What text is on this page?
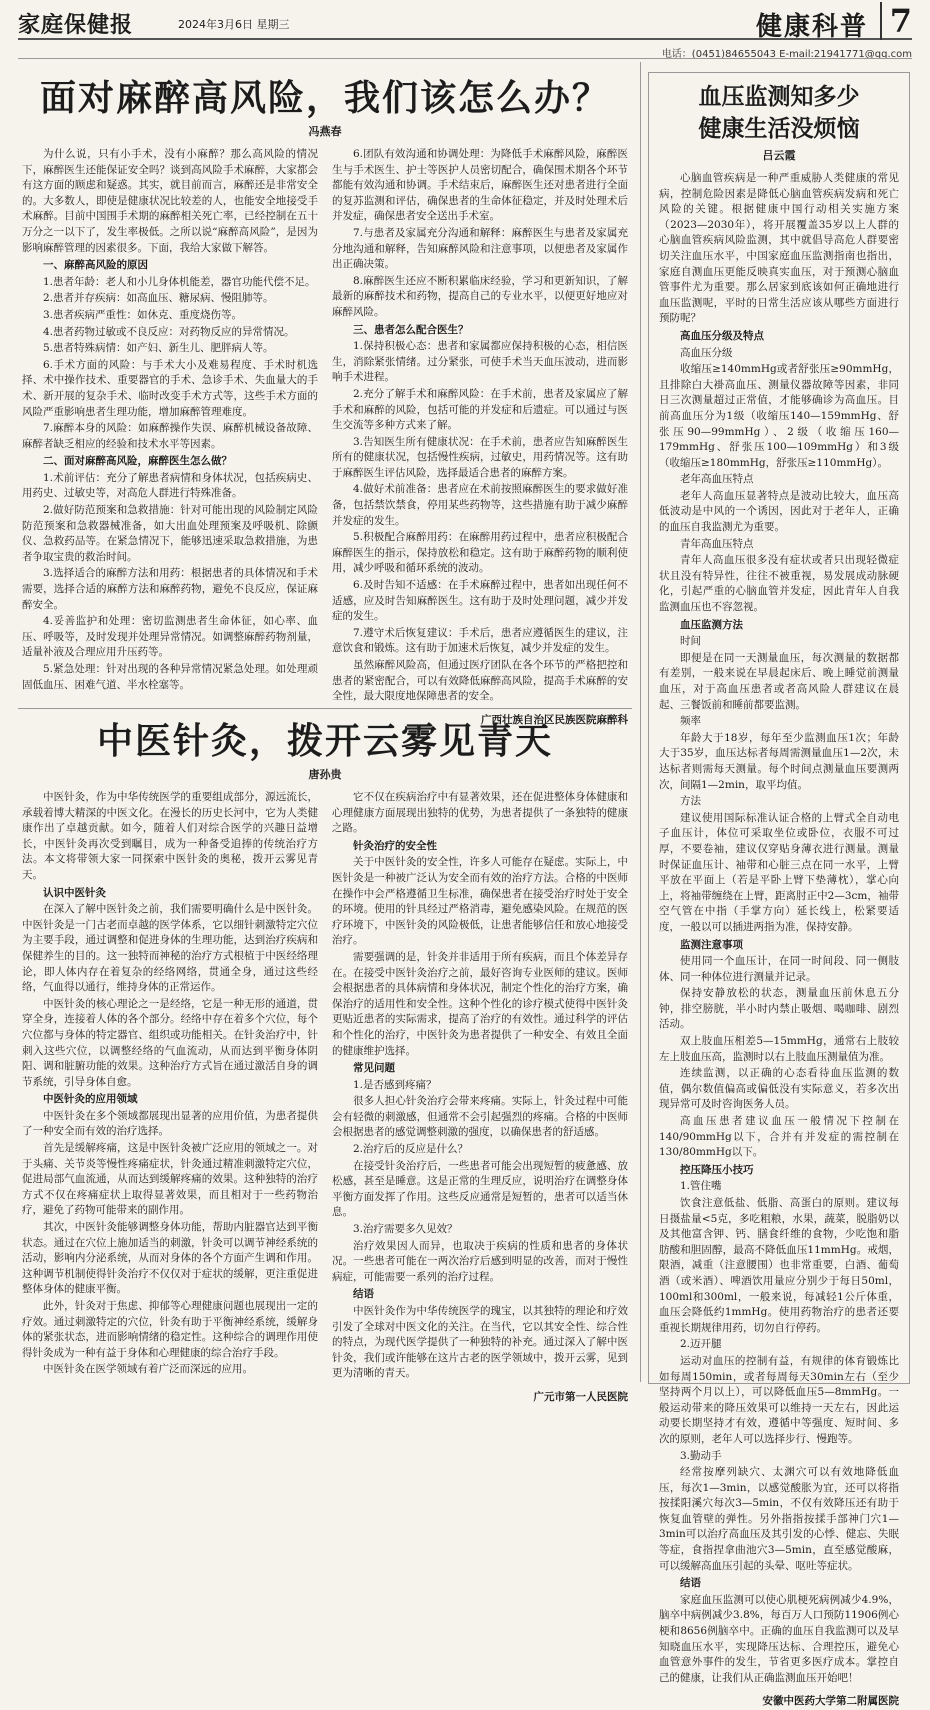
家庭保健报	2024年3月6日 星期三	健康科普 7
电话：(0451)84655043 E-mail:21941771@qq.com
面对麻醉高风险，我们该怎么办？
冯燕春

为什么说，只有小手术，没有小麻醉？那么高风险的情况下，麻醉医生还能保证安全吗？谈到高风险手术麻醉，大家都会有这方面的顾虑和疑惑。其实，就目前而言，麻醉还是非常安全的。大多数人，即使是健康状况比较差的人，也能安全地接受手术麻醉。目前中国围手术期的麻醉相关死亡率，已经控制在五十万分之一以下了，发生率极低。之所以说“麻醉高风险”，是因为影响麻醉管理的因素很多。下面，我给大家做下解答。

一、麻醉高风险的原因

1.患者年龄：老人和小儿身体机能差，器官功能代偿不足。

2.患者并存疾病：如高血压、糖尿病、慢阻肺等。

3.患者疾病严重性：如休克、重度烧伤等。

4.患者药物过敏或不良反应：对药物反应的异常情况。

5.患者特殊病情：如产妇、新生儿、肥胖病人等。

6.手术方面的风险：与手术大小及难易程度、手术时机选择、术中操作技术、重要器官的手术、急诊手术、失血量大的手术、新开展的复杂手术、临时改变手术方式等，这些手术方面的风险严重影响患者生理功能，增加麻醉管理难度。

7.麻醉本身的风险：如麻醉操作失误、麻醉机械设备故障、麻醉者缺乏相应的经验和技术水平等因素。

二、面对麻醉高风险，麻醉医生怎么做？

1.术前评估：充分了解患者病情和身体状况，包括疾病史、用药史、过敏史等，对高危人群进行特殊准备。

2.做好防范预案和急救措施：针对可能出现的风险制定风险防范预案和急救器械准备，如大出血处理预案及呼吸机、除颤仪、急救药品等。在紧急情况下，能够迅速采取急救措施，为患者争取宝贵的救治时间。

3.选择适合的麻醉方法和用药：根据患者的具体情况和手术需要，选择合适的麻醉方法和麻醉药物，避免不良反应，保证麻醉安全。

4.妥善监护和处理：密切监测患者生命体征，如心率、血压、呼吸等，及时发现并处理异常情况。如调整麻醉药物剂量，适量补液及合理应用升压药等。

5.紧急处理：针对出现的各种异常情况紧急处理。如处理顽固低血压、困难气道、半水栓塞等。

6.团队有效沟通和协调处理：为降低手术麻醉风险，麻醉医生与手术医生、护士等医护人员密切配合，确保围术期各个环节都能有效沟通和协调。手术结束后，麻醉医生还对患者进行全面的复苏监测和评估，确保患者的生命体征稳定，并及时处理术后并发症，确保患者安全送出手术室。

7.与患者及家属充分沟通和解释：麻醉医生与患者及家属充分地沟通和解释，告知麻醉风险和注意事项，以便患者及家属作出正确决策。

8.麻醉医生还应不断积累临床经验，学习和更新知识，了解最新的麻醉技术和药物，提高自己的专业水平，以便更好地应对麻醉风险。

三、患者怎么配合医生？

1.保持积极心态：患者和家属都应保持积极的心态，相信医生，消除紧张情绪。过分紧张，可使手术当天血压波动，进而影响手术进程。

2.充分了解手术和麻醉风险：在手术前，患者及家属应了解手术和麻醉的风险，包括可能的并发症和后遗症。可以通过与医生交流等多种方式来了解。

3.告知医生所有健康状况：在手术前，患者应告知麻醉医生所有的健康状况，包括慢性疾病，过敏史，用药情况等。这有助于麻醉医生评估风险，选择最适合患者的麻醉方案。

4.做好术前准备：患者应在术前按照麻醉医生的要求做好准备，包括禁饮禁食，停用某些药物等，这些措施有助于减少麻醉并发症的发生。

5.积极配合麻醉用药：在麻醉用药过程中，患者应积极配合麻醉医生的指示，保持放松和稳定。这有助于麻醉药物的顺利使用，减少呼吸和循环系统的波动。

6.及时告知不适感：在手术麻醉过程中，患者如出现任何不适感，应及时告知麻醉医生。这有助于及时处理问题，减少并发症的发生。

7.遵守术后恢复建议：手术后，患者应遵循医生的建议，注意饮食和锻炼。这有助于加速术后恢复，减少并发症的发生。

虽然麻醉风险高，但通过医疗团队在各个环节的严格把控和患者的紧密配合，可以有效降低麻醉高风险，提高手术麻醉的安全性，最大限度地保障患者的安全。

广西壮族自治区民族医院麻醉科

中医针灸，拨开云雾见青天
唐孙贵

中医针灸，作为中华传统医学的重要组成部分，源远流长，承载着博大精深的中医文化。在漫长的历史长河中，它为人类健康作出了卓越贡献。如今，随着人们对综合医学的兴趣日益增长，中医针灸再次受到瞩目，成为一种备受追捧的传统治疗方法。本文将带领大家一同探索中医针灸的奥秘，拨开云雾见青天。

认识中医针灸

在深入了解中医针灸之前，我们需要明确什么是中医针灸。中医针灸是一门古老而卓越的医学体系，它以细针刺激特定穴位为主要手段，通过调整和促进身体的生理功能，达到治疗疾病和保健养生的目的。这一独特而神秘的治疗方式根植于中医经络理论，即人体内存在着复杂的经络网络，贯通全身，通过这些经络，气血得以通行，维持身体的正常运作。

中医针灸的核心理论之一是经络，它是一种无形的通道，贯穿全身，连接着人体的各个部分。经络中存在着多个穴位，每个穴位都与身体的特定器官、组织或功能相关。在针灸治疗中，针刺入这些穴位，以调整经络的气血流动，从而达到平衡身体阴阳、调和脏腑功能的效果。这种治疗方式旨在通过激活自身的调节系统，引导身体自愈。

中医针灸的应用领域

中医针灸在多个领域都展现出显著的应用价值，为患者提供了一种安全而有效的治疗选择。

首先是缓解疼痛，这是中医针灸被广泛应用的领域之一。对于头痛、关节炎等慢性疼痛症状，针灸通过精准刺激特定穴位，促进局部气血流通，从而达到缓解疼痛的效果。这种独特的治疗方式不仅在疼痛症状上取得显著效果，而且相对于一些药物治疗，避免了药物可能带来的副作用。

其次，中医针灸能够调整身体功能，帮助内脏器官达到平衡状态。通过在穴位上施加适当的刺激，针灸可以调节神经系统的活动，影响内分泌系统，从而对身体的各个方面产生调和作用。这种调节机制使得针灸治疗不仅仅对于症状的缓解，更注重促进整体身体的健康平衡。

此外，针灸对于焦虑、抑郁等心理健康问题也展现出一定的疗效。通过刺激特定的穴位，针灸有助于平衡神经系统，缓解身体的紧张状态，进而影响情绪的稳定性。这种综合的调理作用使得针灸成为一种有益于身体和心理健康的综合治疗手段。

中医针灸在医学领域有着广泛而深远的应用。

它不仅在疾病治疗中有显著效果，还在促进整体身体健康和心理健康方面展现出独特的优势，为患者提供了一条独特的健康之路。

针灸治疗的安全性

关于中医针灸的安全性，许多人可能存在疑虑。实际上，中医针灸是一种被广泛认为安全而有效的治疗方法。合格的中医师在操作中会严格遵循卫生标准，确保患者在接受治疗时处于安全的环境。使用的针具经过严格消毒，避免感染风险。在规范的医疗环境下，中医针灸的风险极低，让患者能够信任和放心地接受治疗。

需要强调的是，针灸并非适用于所有疾病，而且个体差异存在。在接受中医针灸治疗之前，最好咨询专业医师的建议。医师会根据患者的具体病情和身体状况，制定个性化的治疗方案，确保治疗的适用性和安全性。这种个性化的诊疗模式使得中医针灸更贴近患者的实际需求，提高了治疗的有效性。通过科学的评估和个性化的治疗，中医针灸为患者提供了一种安全、有效且全面的健康维护选择。

常见问题

1.是否感到疼痛？

很多人担心针灸治疗会带来疼痛。实际上，针灸过程中可能会有轻微的刺激感，但通常不会引起强烈的疼痛。合格的中医师会根据患者的感觉调整刺激的强度，以确保患者的舒适感。

2.治疗后的反应是什么？

在接受针灸治疗后，一些患者可能会出现短暂的疲惫感、放松感，甚至是睡意。这是正常的生理反应，说明治疗在调整身体平衡方面发挥了作用。这些反应通常是短暂的，患者可以适当休息。

3.治疗需要多久见效？

治疗效果因人而异，也取决于疾病的性质和患者的身体状况。一些患者可能在一两次治疗后感到明显的改善，而对于慢性病症，可能需要一系列的治疗过程。

结语

中医针灸作为中华传统医学的瑰宝，以其独特的理论和疗效引发了全球对中医文化的关注。在当代，它以其安全性、综合性的特点，为现代医学提供了一种独特的补充。通过深入了解中医针灸，我们或许能够在这片古老的医学领域中，拨开云雾，见到更为清晰的青天。

广元市第一人民医院

血压监测知多少
健康生活没烦恼
吕云霞

心脑血管疾病是一种严重威胁人类健康的常见病，控制危险因素是降低心脑血管疾病发病和死亡风险的关键。根据健康中国行动相关实施方案（2023—2030年），将开展覆盖35岁以上人群的心脑血管疾病风险监测，其中就倡导高危人群要密切关注血压水平，中国家庭血压监测指南也指出，家庭自测血压更能反映真实血压，对于预测心脑血管事件尤为重要。那么居家到底该如何正确地进行血压监测呢，平时的日常生活应该从哪些方面进行预防呢？

高血压分级及特点

高血压分级

收缩压≥140mmHg或者舒张压≥90mmHg，且排除白大褂高血压、测量仪器故障等因素，非同日三次测量超过正常值，才能够确诊为高血压。目前高血压分为1级（收缩压140—159mmHg、舒张压90—99mmHg）、2级（收缩压160—179mmHg、舒张压100—109mmHg）和3级（收缩压≥180mmHg，舒张压≥110mmHg）。

老年高血压特点

老年人高血压显著特点是波动比较大，血压高低波动是中风的一个诱因，因此对于老年人，正确的血压自我监测尤为重要。

青年高血压特点

青年人高血压很多没有症状或者只出现轻微症状且没有特异性，往往不被重视，易发展成动脉硬化，引起严重的心脑血管并发症，因此青年人自我监测血压也不容忽视。

血压监测方法

时间

即便是在同一天测量血压，每次测量的数据都有差别，一般来说在早晨起床后、晚上睡觉前测量血压，对于高血压患者或者高风险人群建议在晨起、三餐饭前和睡前都要监测。

频率

年龄大于18岁，每年至少监测血压1次；年龄大于35岁，血压达标者每周需测量血压1—2次，未达标者则需每天测量。每个时间点测量血压要测两次，间隔1—2min，取平均值。

方法

建议使用国际标准认证合格的上臂式全自动电子血压计，体位可采取坐位或卧位，衣服不可过厚，不要卷袖，建议仅穿贴身薄衣进行测量。测量时保证血压计、袖带和心脏三点在同一水平，上臂平放在平面上（若是平卧上臂下垫薄枕），掌心向上，将袖带缠绕在上臂，距离肘正中2—3cm，袖带空气管在中指（手掌方向）延长线上，松紧要适度，一般以可以插进两指为准，保持安静。

监测注意事项

使用同一个血压计，在同一时间段、同一侧肢体、同一种体位进行测量并记录。

保持安静放松的状态，测量血压前休息五分钟，排空膀胱，半小时内禁止吸烟、喝咖啡、剧烈活动。

双上肢血压相差5—15mmHg，通常右上肢较左上肢血压高，监测时以右上肢血压测量值为准。

连续监测，以正确的心态看待血压监测的数值，偶尔数值偏高或偏低没有实际意义，若多次出现异常可及时咨询医务人员。

高血压患者建议血压一般情况下控制在140/90mmHg以下，合并有并发症的需控制在130/80mmHg以下。

控压降压小技巧

1.管住嘴

饮食注意低盐、低脂、高蛋白的原则。建议每日摄盐量<5克，多吃粗粮，水果，蔬菜，脱脂奶以及其他富含钾、钙、膳食纤维的食物，少吃饱和脂肪酸和胆固醇，最高不降低血压11mmHg。戒烟，限酒，减重（注意腰围）也非常重要，白酒、葡萄酒（或米酒）、啤酒饮用量应分别少于每日50ml，100ml和300ml，一般来说，每减轻1公斤体重，血压会降低约1mmHg。使用药物治疗的患者还要重视长期规律用药，切勿自行停药。

2.迈开腿

运动对血压的控制有益，有规律的体育锻炼比如每周150min，或者每周每天30min左右（至少坚持两个月以上），可以降低血压5—8mmHg。一般运动带来的降压效果可以维持一天左右，因此运动要长期坚持才有效，遵循中等强度、短时间、多次的原则，老年人可以选择步行、慢跑等。

3.勤动手

经常按摩列缺穴、太渊穴可以有效地降低血压，每次1—3min，以感觉酸胀为宜，还可以将指按揉阳溪穴每次3—5min，不仅有效降压还有助于恢复血管壁的弹性。另外指指按揉手部神门穴1—3min可以治疗高血压及其引发的心悸、健忘、失眠等症，食指捏拿曲池穴3—5min，直至感觉酸麻，可以缓解高血压引起的头晕、呕吐等症状。

结语

家庭血压监测可以使心肌梗死病例减少4.9%，脑卒中病例减少3.8%，每百万人口预防11906例心梗和8656例脑卒中。正确的血压自我监测可以及早知晓血压水平，实现降压达标、合理控压，避免心血管意外事件的发生，节省更多医疗成本。掌控自己的健康，让我们从正确监测血压开始吧！

安徽中医药大学第二附属医院
